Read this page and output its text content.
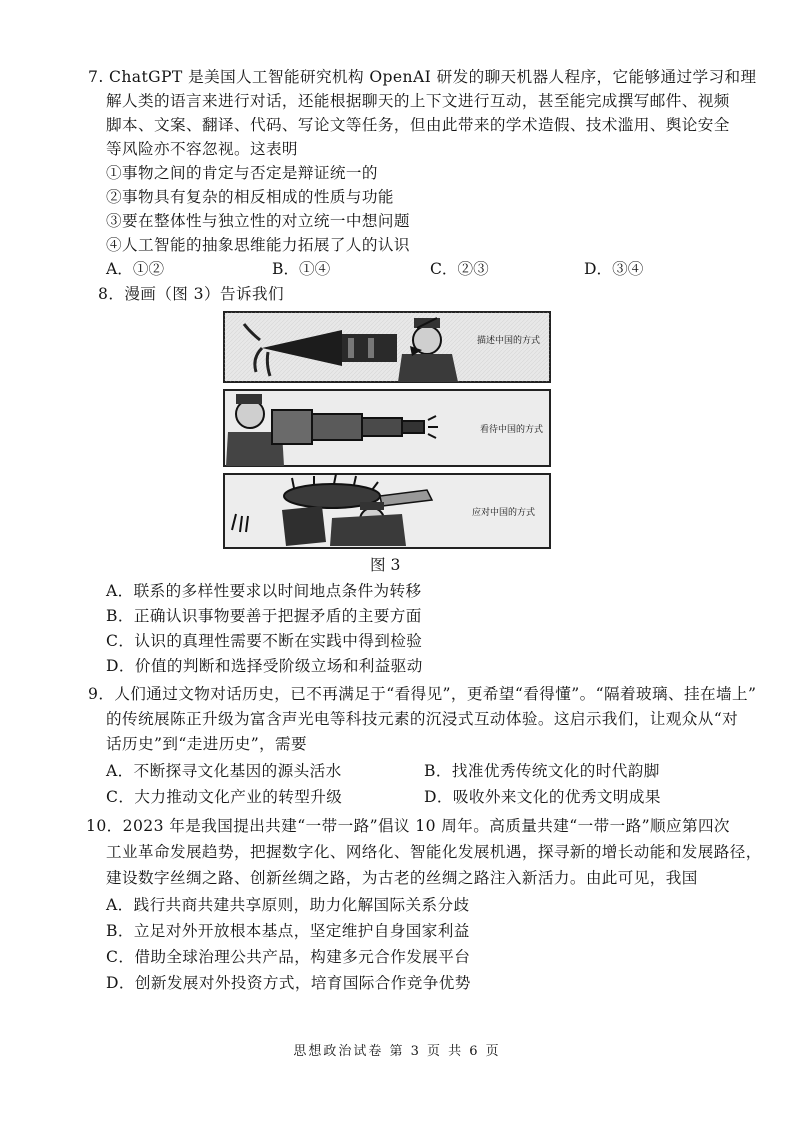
7. ChatGPT 是美国人工智能研究机构 OpenAI 研发的聊天机器人程序，它能够通过学习和理
解人类的语言来进行对话，还能根据聊天的上下文进行互动，甚至能完成撰写邮件、视频
脚本、文案、翻译、代码、写论文等任务，但由此带来的学术造假、技术滥用、舆论安全
等风险亦不容忽视。这表明
①事物之间的肯定与否定是辩证统一的
②事物具有复杂的相反相成的性质与功能
③要在整体性与独立性的对立统一中想问题
④人工智能的抽象思维能力拓展了人的认识
A．①②	B．①④	C．②③	D．③④
8．漫画（图 3）告诉我们
描述中国的方式
看待中国的方式
应对中国的方式
图 3
A．联系的多样性要求以时间地点条件为转移
B．正确认识事物要善于把握矛盾的主要方面
C．认识的真理性需要不断在实践中得到检验
D．价值的判断和选择受阶级立场和利益驱动
9．人们通过文物对话历史，已不再满足于“看得见”，更希望“看得懂”。“隔着玻璃、挂在墙上”
的传统展陈正升级为富含声光电等科技元素的沉浸式互动体验。这启示我们，让观众从“对
话历史”到“走进历史”，需要
A．不断探寻文化基因的源头活水	B．找准优秀传统文化的时代韵脚
C．大力推动文化产业的转型升级	D．吸收外来文化的优秀文明成果
10．2023 年是我国提出共建“一带一路”倡议 10 周年。高质量共建“一带一路”顺应第四次
工业革命发展趋势，把握数字化、网络化、智能化发展机遇，探寻新的增长动能和发展路径，
建设数字丝绸之路、创新丝绸之路，为古老的丝绸之路注入新活力。由此可见，我国
A．践行共商共建共享原则，助力化解国际关系分歧
B．立足对外开放根本基点，坚定维护自身国家利益
C．借助全球治理公共产品，构建多元合作发展平台
D．创新发展对外投资方式，培育国际合作竞争优势
思想政治试卷 第 3 页 共 6 页
